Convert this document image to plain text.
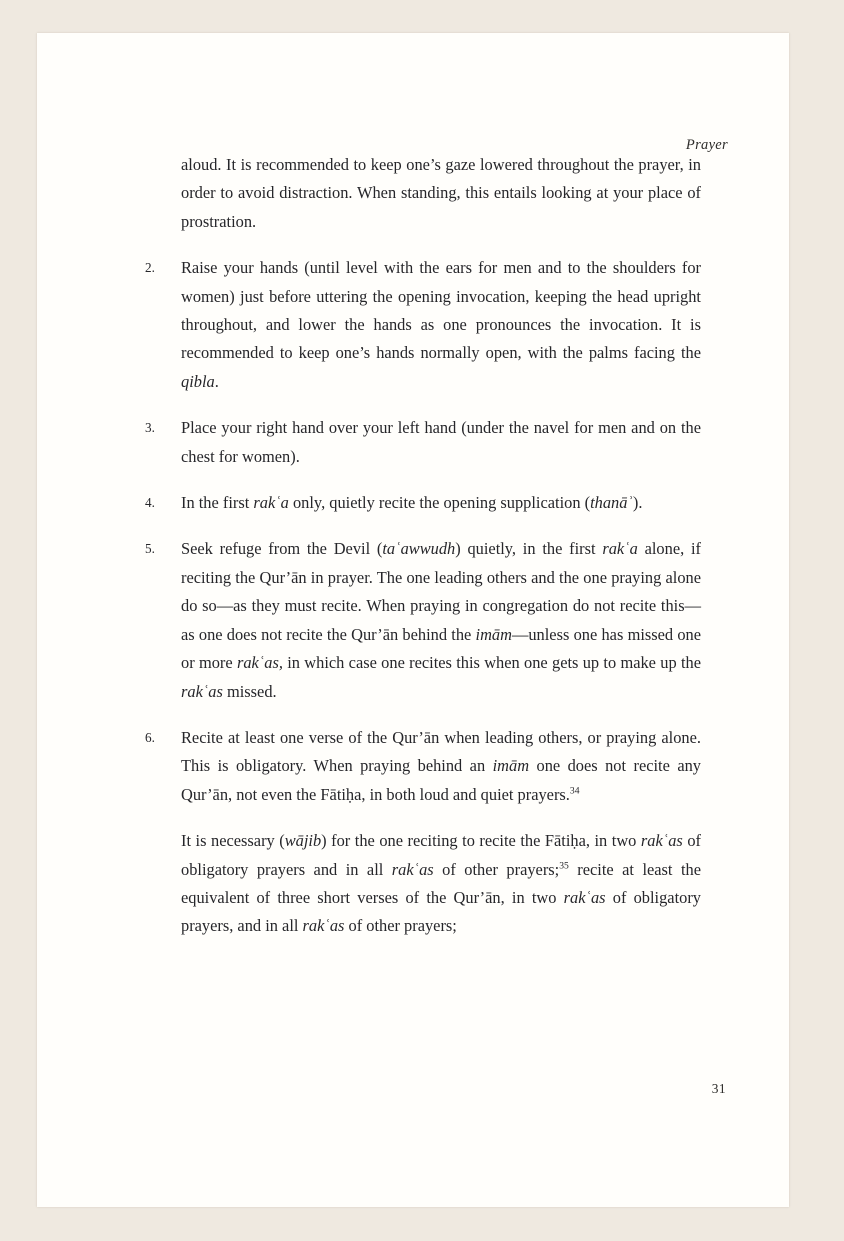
Prayer

aloud. It is recommended to keep one’s gaze lowered throughout the prayer, in order to avoid distraction. When standing, this entails looking at your place of prostration.

2.	Raise your hands (until level with the ears for men and to the shoulders for women) just before uttering the opening invocation, keeping the head upright throughout, and lower the hands as one pronounces the invocation. It is recommended to keep one’s hands normally open, with the palms facing the qibla.

3.	Place your right hand over your left hand (under the navel for men and on the chest for women).

4.	In the first rakʿa only, quietly recite the opening supplication (thanāʾ).

5.	Seek refuge from the Devil (taʿawwudh) quietly, in the first rakʿa alone, if reciting the Qur’ān in prayer. The one leading others and the one praying alone do so—as they must recite. When praying in congregation do not recite this—as one does not recite the Qur’ān behind the imām—unless one has missed one or more rakʿas, in which case one recites this when one gets up to make up the rakʿas missed.

6.	Recite at least one verse of the Qur’ān when leading others, or praying alone. This is obligatory. When praying behind an imām one does not recite any Qur’ān, not even the Fātiḥa, in both loud and quiet prayers.$^{34}$

It is necessary (wājib) for the one reciting to recite the Fātiḥa, in two rakʿas of obligatory prayers and in all rakʿas of other prayers;$^{35}$ recite at least the equivalent of three short verses of the Qur’ān, in two rakʿas of obligatory prayers, and in all rakʿas of other prayers;

31
